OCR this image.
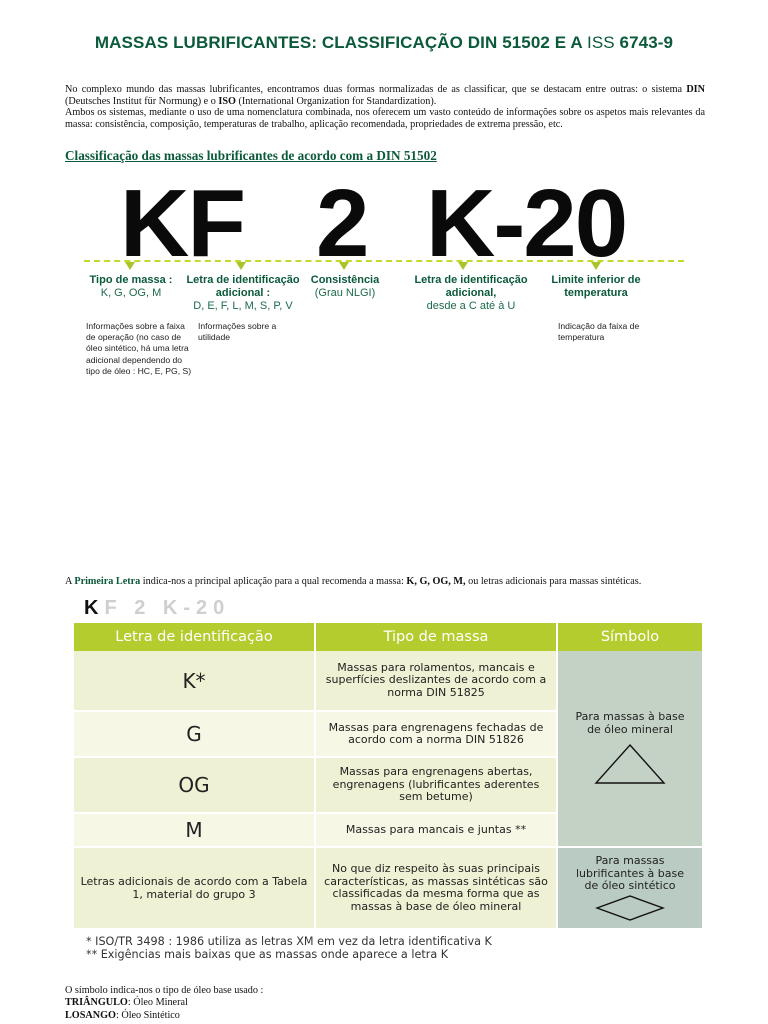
MASSAS LUBRIFICANTES: CLASSIFICAÇÃO DIN 51502 E A ISS 6743-9

No complexo mundo das massas lubrificantes, encontramos duas formas normalizadas de as classificar, que se destacam entre outras: o sistema DIN (Deutsches Institut für Normung) e o ISO (International Organization for Standardization).

Ambos os sistemas, mediante o uso de uma nomenclatura combinada, nos oferecem um vasto conteúdo de informações sobre os aspetos mais relevantes da massa: consistência, composição, temperaturas de trabalho, aplicação recomendada, propriedades de extrema pressão, etc.

Classificação das massas lubrificantes de acordo com a DIN 51502
KF 2 K-20
Tipo de massa :
K, G, OG, M
Letra de identificação adicional :
D, E, F, L, M, S, P, V
Consistência
(Grau NLGI)
Letra de identificação adicional,
desde a C até à U
Limite inferior de temperatura
Informações sobre a faixa de operação (no caso de óleo sintético, há uma letra adicional dependendo do tipo de óleo : HC, E, PG, S)
Informações sobre a utilidade
Indicação da faixa de temperatura
A Primeira Letra indica-nos a principal aplicação para a qual recomenda a massa: K, G, OG, M, ou letras adicionais para massas sintéticas.
KF 2 K-20
Letra de identificação	Tipo de massa	Símbolo
K*	Massas para rolamentos, mancais e superfícies deslizantes de acordo com a norma DIN 51825	Para massas à base de óleo mineral

G	Massas para engrenagens fechadas de acordo com a norma DIN 51826	
OG	Massas para engrenagens abertas, engrenagens (lubrificantes aderentes sem betume)	
M	Massas para mancais e juntas **	
Letras adicionais de acordo com a Tabela 1, material do grupo 3	No que diz respeito às suas principais características, as massas sintéticas são classificadas da mesma forma que as massas à base de óleo mineral	Para massas lubrificantes à base de óleo sintético
* ISO/TR 3498 : 1986 utiliza as letras XM em vez da letra identificativa K
** Exigências mais baixas que as massas onde aparece a letra K
O símbolo indica-nos o tipo de óleo base usado :
TRIÂNGULO: Óleo Mineral
LOSANGO: Óleo Sintético
